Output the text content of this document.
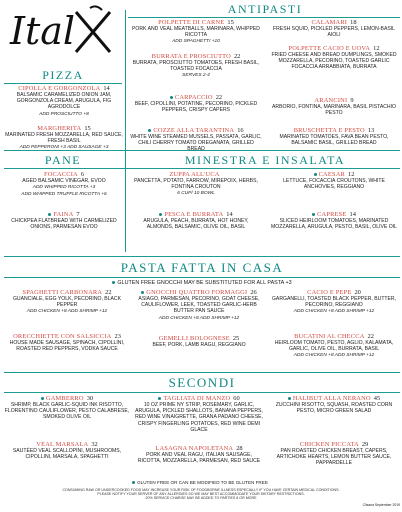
Ital	ANTIPASTI
PIZZA
CIPOLLA E GORGONZOLA 14
BALSAMIC CARAMELIZED ONION JAM, GORGONZOLA CREAM, ARUGULA, FIG AGRODOLCE
ADD PROSCIUTTO +8
MARGHERITA 15
MARINATED FRESH MOZZARELLA, RED SAUCE, FRESH BASIL
ADD PEPPERONI +3 ADD SAUSAGE +3
POLPETTE DI CARNE 15
PORK AND VEAL MEATBALLS, MARINARA, WHIPPED RICOTTA
ADD SPAGHETTI +10
CALAMARI 18
FRESH SQUID, PICKLED PEPPERS, LEMON-BASIL AIOLI
BURRATA E PROSCIUTTO 22
BURRATA, PROSCIUTTO TOMATOES, FRESH BASIL, TOASTED FOCACCIA
SERVES 2-4
POLPETTE CACIO E UOVA 12
FRIED CHEESE AND BREAD DUMPLINGS, SMOKED MOZZARELLA, PECORINO, TOASTED GARLIC FOCACCIA ARRABBIATA, BURRATA
CARPACCIO 22
BEEF, CIPOLLINI, POTATINE, PECORINO, PICKLED PEPPERS, CRISPY CAPERS
ARANCINI 9
ARBORIO, FONTINA, MARINARA, BASIL PISTACHIO PESTO
COZZE ALLA TARANTINA 16
WHITE WINE STEAMED MUSSELS, PASSATA, GARLIC, CHILI CHERRY TOMATO OREGANATA, GRILLED BREAD
BRUSCHETTA E PESTO 13
MARINATED TOMATOES, FAVA BEAN PESTO, BALSAMIC BASIL, GRILLED BREAD
PANE	MINESTRA E INSALATA
FOCACCIA 6
AGED BALSAMIC VINEGAR, EVOO
ADD WHIPPED RICOTTA +3
ADD WHIPPED TRUFFLE RICOTTA +6
FAINA 7
CHICKPEA FLATBREAD WITH CARMELIZED ONIONS, PARMESAN EVOO
ZUPPA ALL'UCA
PANCETTA, POTATO, FARROW, MIREPOIX, HERBS, FONTINA CROUTON
6 CUP/ 10 BOWL
CAESAR 12
LETTUCE, FOCACCIA CROUTONS, WHITE ANCHOVIES, REGGIANO
PESCA E BURRATA 14
ARUGULA, PEACH, BURRATA, HOT HONEY, ALMONDS, BALSAMIC, OLIVE OIL, BASIL
CAPRESE 14
SLICED HEIRLOOM TOMATOES, MARINATED MOZZARELLA, ARUGULA, PESTO, BASIL, OLIVE OIL
PASTA FATTA IN CASA
GLUTEN FREE GNOCCHI MAY BE SUBSTITUTED FOR ALL PASTA +3
SPAGHETTI CARBONARA 22
GUANCIALE, EGG YOLK, PECORINO, BLACK PEPPER
ADD CHICKEN +8 ADD SHRIMP +12
GNOCCHI QUATTRO FORMAGGI 26
ASIAGO, PARMESAN, PECORINO, GOAT CHEESE, CAULIFLOWER, LEEK, TOASTED GARLIC-HERB BUTTER PAN SAUCE
ADD CHICKEN +8 ADD SHRIMP +12
CACIO E PEPE 20
GARGANELLI, TOASTED BLACK PEPPER, BUTTER, PECORINO, REGGIANO
ADD CHICKEN +8 ADD SHRIMP +12
ORECCHIETTE CON SALSICCIA 23
HOUSE MADE SAUSAGE, SPINACH, CIPOLLINI, ROASTED RED PEPPERS, VODKA SAUCE
GEMELLI BOLOGNESE 25
BEEF, PORK, LAMB RAGU, REGGIANO
BUCATINI AL CHECCA 22
HEIRLOOM TOMATO, PESTO, AGLIO, KALAMATA, GARLIC, OLIVE OIL, BURRATA, BASIL
ADD CHICKEN +8 ADD SHRIMP +12
SECONDI
GAMBERRO 30
SHRIMP, BLACK GARLIC-SQUID INK RISOTTO, FLORENTINO CAULIFLOWER, PESTO CALABRESE, SMOKED OLIVE OIL
TAGLIATA DI MANZO 60
10 OZ PRIME NY STRIP, ROSEMARY, GARLIC, ARUGULA, PICKLED SHALLOTS, BANANA PEPPERS, RED WINE VINAIGRETTE, GRANA PADANO CHEESE, CRISPY FINGERLING POTATOES, RED WINE DEMI GLACE
HALIBUT ALLA NERANO 45
ZUCCHINI RISOTTO, SQUASH, ROASTED CORN PESTO, MICRO GREEN SALAD
VEAL MARSALA 32
SAUTÉED VEAL SCALLOPINI, MUSHROOMS, CIPOLLINI, MARSALA, SPAGHETTI
LASAGNA NAPOLETANA 28
PORK AND VEAL RAGU, ITALIAN SAUSAGE, RICOTTA, MOZZARELLA, PARMESAN, RED SAUCE
CHICKEN PICCATA 29
PAN ROASTED CHICKEN BREAST, CAPERS, ARTICHOKE HEARTS, LEMON BUTTER SAUCE, PAPPARDELLE
GLUTEN FREE OR CAN BE MODIFIED TO BE GLUTEN FREE
CONSUMING RAW OR UNDERCOOKED FOOD MAY INCREASE YOUR RISK OF FOODBORNE ILLNESS ESPECIALLY IF YOU HAVE CERTAIN MEDICAL CONDITIONS.
PLEASE NOTIFY YOUR SERVER OF ANY ALLERGIES SO WE MAY BEST ACCOMMODATE YOUR DIETARY RESTRICTIONS.
20% SERVICE CHARGE MAY BE ADDED TO PARTIES 8 OR MORE
Clisana September 2019
